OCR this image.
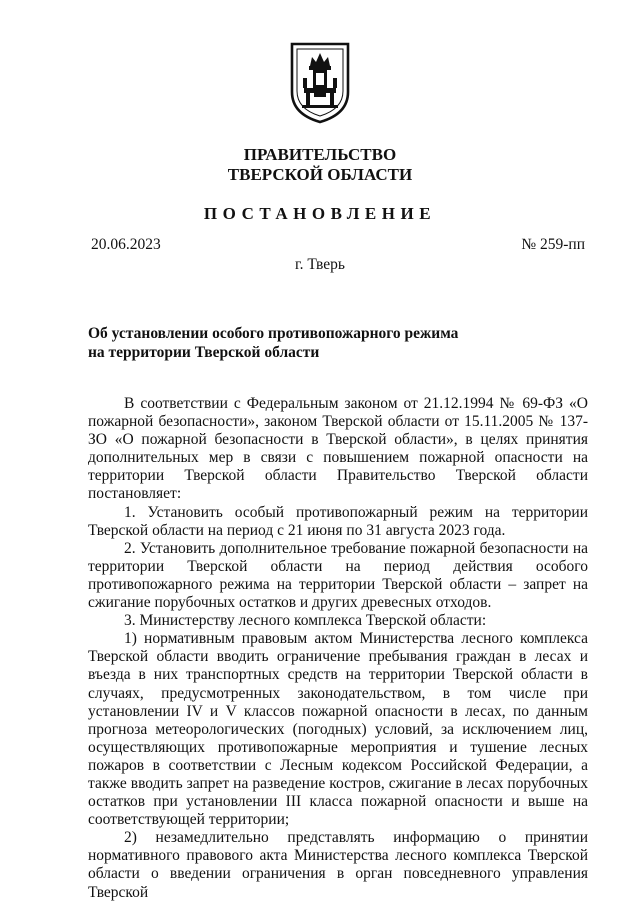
ПРАВИТЕЛЬСТВО
ТВЕРСКОЙ ОБЛАСТИ
ПОСТАНОВЛЕНИЕ
20.06.2023	№ 259-пп
г. Тверь
Об установлении особого противопожарного режима
на территории Тверской области

В соответствии с Федеральным законом от 21.12.1994 № 69-ФЗ «О пожарной безопасности», законом Тверской области от 15.11.2005 № 137-ЗО «О пожарной безопасности в Тверской области», в целях принятия дополнительных мер в связи с повышением пожарной опасности на территории Тверской области Правительство Тверской области постановляет:

1. Установить особый противопожарный режим на территории Тверской области на период с 21 июня по 31 августа 2023 года.

2. Установить дополнительное требование пожарной безопасности на территории Тверской области на период действия особого противопожарного режима на территории Тверской области – запрет на сжигание порубочных остатков и других древесных отходов.

3. Министерству лесного комплекса Тверской области:

1) нормативным правовым актом Министерства лесного комплекса Тверской области вводить ограничение пребывания граждан в лесах и въезда в них транспортных средств на территории Тверской области в случаях, предусмотренных законодательством, в том числе при установлении IV и V классов пожарной опасности в лесах, по данным прогноза метеорологических (погодных) условий, за исключением лиц, осуществляющих противопожарные мероприятия и тушение лесных пожаров в соответствии с Лесным кодексом Российской Федерации, а также вводить запрет на разведение костров, сжигание в лесах порубочных остатков при установлении III класса пожарной опасности и выше на соответствующей территории;

2) незамедлительно представлять информацию о принятии нормативного правового акта Министерства лесного комплекса Тверской области о введении ограничения в орган повседневного управления Тверской
